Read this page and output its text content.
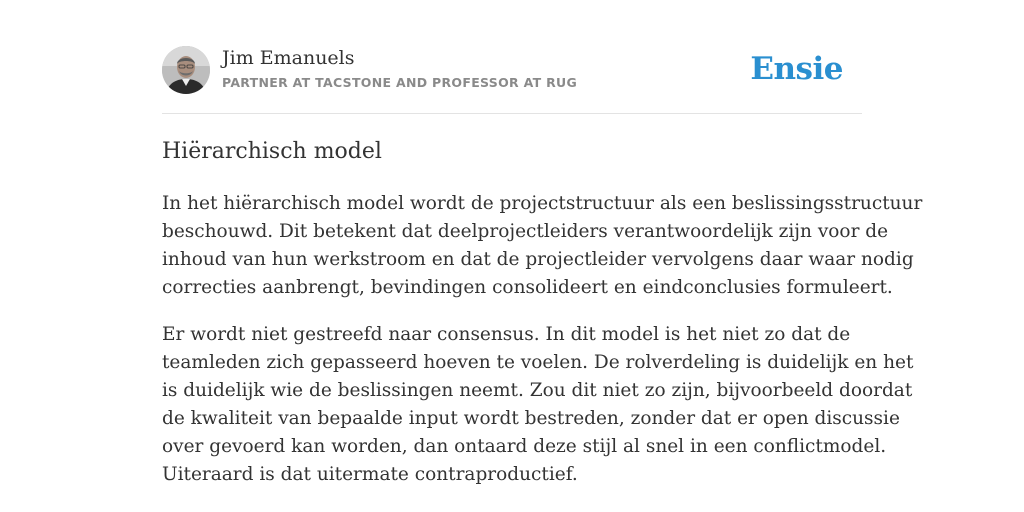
Jim Emanuels
PARTNER AT TACSTONE AND PROFESSOR AT RUG	Ensie
Hiërarchisch model

In het hiërarchisch model wordt de projectstructuur als een beslissingsstructuur
beschouwd. Dit betekent dat deelprojectleiders verantwoordelijk zijn voor de
inhoud van hun werkstroom en dat de projectleider vervolgens daar waar nodig
correcties aanbrengt, bevindingen consolideert en eindconclusies formuleert.

Er wordt niet gestreefd naar consensus. In dit model is het niet zo dat de
teamleden zich gepasseerd hoeven te voelen. De rolverdeling is duidelijk en het
is duidelijk wie de beslissingen neemt. Zou dit niet zo zijn, bijvoorbeeld doordat
de kwaliteit van bepaalde input wordt bestreden, zonder dat er open discussie
over gevoerd kan worden, dan ontaard deze stijl al snel in een conflictmodel.
Uiteraard is dat uitermate contraproductief.
